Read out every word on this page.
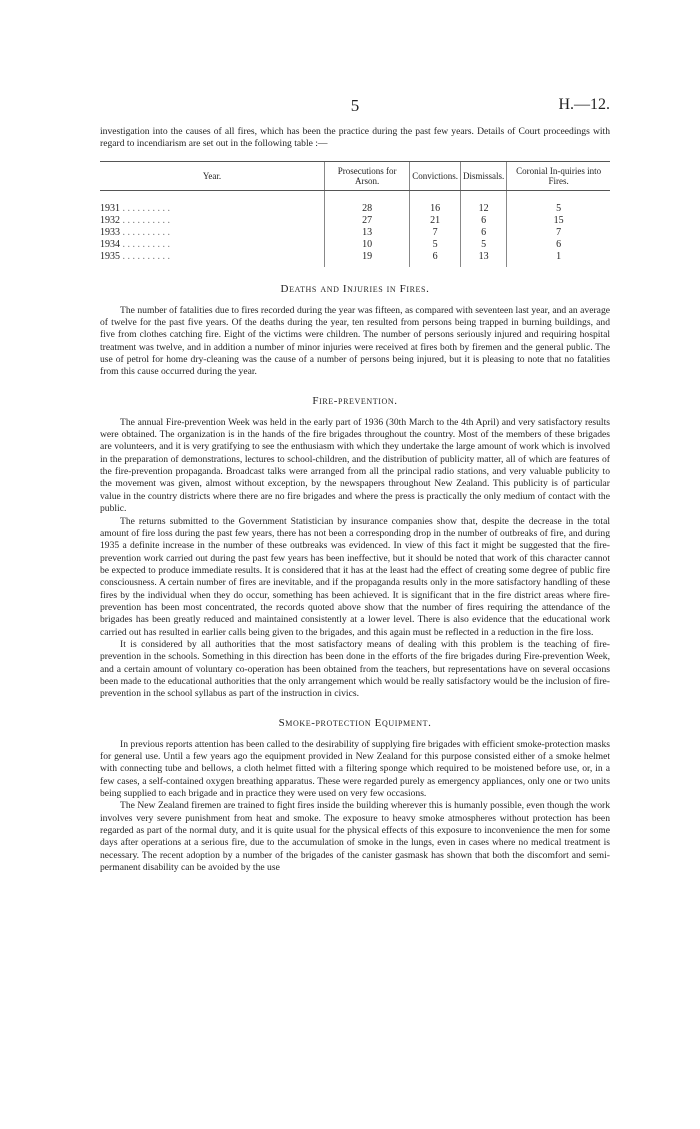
5	H.—12.

investigation into the causes of all fires, which has been the practice during the past few years. Details of Court proceedings with regard to incendiarism are set out in the following table :—

Year.	Prosecutions for Arson.	Convictions.	Dismissals.	Coronial In-quiries into Fires.
1931 . . . . . . . . . .	28	16	12	5
1932 . . . . . . . . . .	27	21	6	15
1933 . . . . . . . . . .	13	7	6	7
1934 . . . . . . . . . .	10	5	5	6
1935 . . . . . . . . . .	19	6	13	1
Deaths and Injuries in Fires.

The number of fatalities due to fires recorded during the year was fifteen, as compared with seventeen last year, and an average of twelve for the past five years. Of the deaths during the year, ten resulted from persons being trapped in burning buildings, and five from clothes catching fire. Eight of the victims were children. The number of persons seriously injured and requiring hospital treatment was twelve, and in addition a number of minor injuries were received at fires both by firemen and the general public. The use of petrol for home dry-cleaning was the cause of a number of persons being injured, but it is pleasing to note that no fatalities from this cause occurred during the year.

Fire-prevention.

The annual Fire-prevention Week was held in the early part of 1936 (30th March to the 4th April) and very satisfactory results were obtained. The organization is in the hands of the fire brigades throughout the country. Most of the members of these brigades are volunteers, and it is very gratifying to see the enthusiasm with which they undertake the large amount of work which is involved in the preparation of demonstrations, lectures to school-children, and the distribution of publicity matter, all of which are features of the fire-prevention propaganda. Broadcast talks were arranged from all the principal radio stations, and very valuable publicity to the movement was given, almost without exception, by the newspapers throughout New Zealand. This publicity is of particular value in the country districts where there are no fire brigades and where the press is practically the only medium of contact with the public.

The returns submitted to the Government Statistician by insurance companies show that, despite the decrease in the total amount of fire loss during the past few years, there has not been a corresponding drop in the number of outbreaks of fire, and during 1935 a definite increase in the number of these outbreaks was evidenced. In view of this fact it might be suggested that the fire-prevention work carried out during the past few years has been ineffective, but it should be noted that work of this character cannot be expected to produce immediate results. It is considered that it has at the least had the effect of creating some degree of public fire consciousness. A certain number of fires are inevitable, and if the propaganda results only in the more satisfactory handling of these fires by the individual when they do occur, something has been achieved. It is significant that in the fire district areas where fire-prevention has been most concentrated, the records quoted above show that the number of fires requiring the attendance of the brigades has been greatly reduced and maintained consistently at a lower level. There is also evidence that the educational work carried out has resulted in earlier calls being given to the brigades, and this again must be reflected in a reduction in the fire loss.

It is considered by all authorities that the most satisfactory means of dealing with this problem is the teaching of fire-prevention in the schools. Something in this direction has been done in the efforts of the fire brigades during Fire-prevention Week, and a certain amount of voluntary co-operation has been obtained from the teachers, but representations have on several occasions been made to the educational authorities that the only arrangement which would be really satisfactory would be the inclusion of fire-prevention in the school syllabus as part of the instruction in civics.

Smoke-protection Equipment.

In previous reports attention has been called to the desirability of supplying fire brigades with efficient smoke-protection masks for general use. Until a few years ago the equipment provided in New Zealand for this purpose consisted either of a smoke helmet with connecting tube and bellows, a cloth helmet fitted with a filtering sponge which required to be moistened before use, or, in a few cases, a self-contained oxygen breathing apparatus. These were regarded purely as emergency appliances, only one or two units being supplied to each brigade and in practice they were used on very few occasions.

The New Zealand firemen are trained to fight fires inside the building wherever this is humanly possible, even though the work involves very severe punishment from heat and smoke. The exposure to heavy smoke atmospheres without protection has been regarded as part of the normal duty, and it is quite usual for the physical effects of this exposure to inconvenience the men for some days after operations at a serious fire, due to the accumulation of smoke in the lungs, even in cases where no medical treatment is necessary. The recent adoption by a number of the brigades of the canister gasmask has shown that both the discomfort and semi-permanent disability can be avoided by the use
